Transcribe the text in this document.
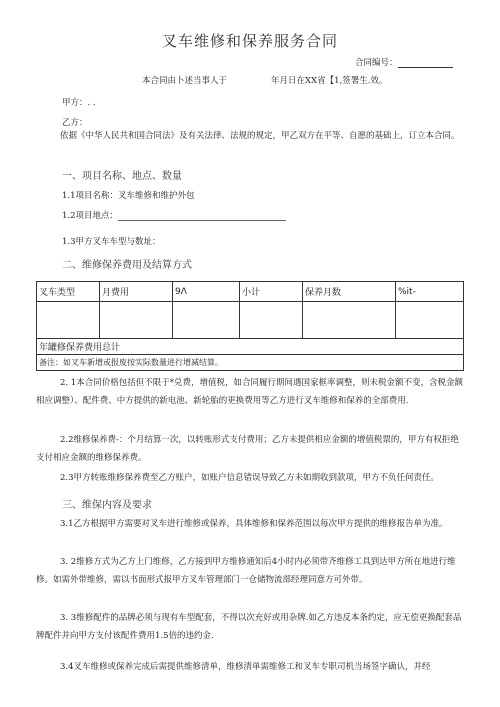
叉车维修和保养服务合同
合同编号：
本合同由卜述当事人于	年月日在XX省【1,签署生.效。
甲方：. .
乙方：
依据《中华人民共和国合同法》及有关法律、法规的规定，甲乙双方在平等、自愿的基础上，订立本合同。
一、项目名称、地点、数量
1.1项目名称：叉车维修和维护外包
1.2项目地点：
1.3甲方叉车车型与数址：
二、维修保养费用及结算方式
叉车类型	月费用	9Λ	小计	保养月数	%it-

年罐修保养费用总计					
备注：如叉车新增或报废按实际数量进行增减结算。					
2. 1本合同价格包括但不限于*兑费，增值税，如合同履行期间遇国家框率调整，则未税金额不变，含税金额相应调整）、配件费、中方提供的新电池、新轮胎的更换费用等乙方进行叉车维修和保养的全部费用.
2.2维修保养费-：个月结算一次，以转账形式支付费用；乙方未提供相应金额的增值税票的，甲方有权拒绝支付相应金额的维修保养费。
2.3甲方转账维修保养费至乙方账户，如账户信息错误导致乙方未如期收到款项，甲方不负任何责任。
三、维保内容及要求
3.1乙方根据甲方需要对叉车进行维修或保养，具体维修和保养范围以每次甲方提供的维修报告单为准。
3. 2维修方式为乙方上门维修，乙方接到甲方维修通知后4小时内必须带齐维修工具到达甲方所在地进行维修。如需外带维修，需以书面形式报甲方叉车管理部门一仓储物流部经理同意方可外带。
3. 3维修配件的品牌必须与现有车型配套，不得以次充好或用杂牌.如乙方违反本条约定，应无偿更换配套品牌配件并向甲方支付该配件费用1.5倍的违约金.
3.4叉车维修或保养完成后需提供维修清单，维修清单需维修工和叉车专职司机当场签字确认，并经
